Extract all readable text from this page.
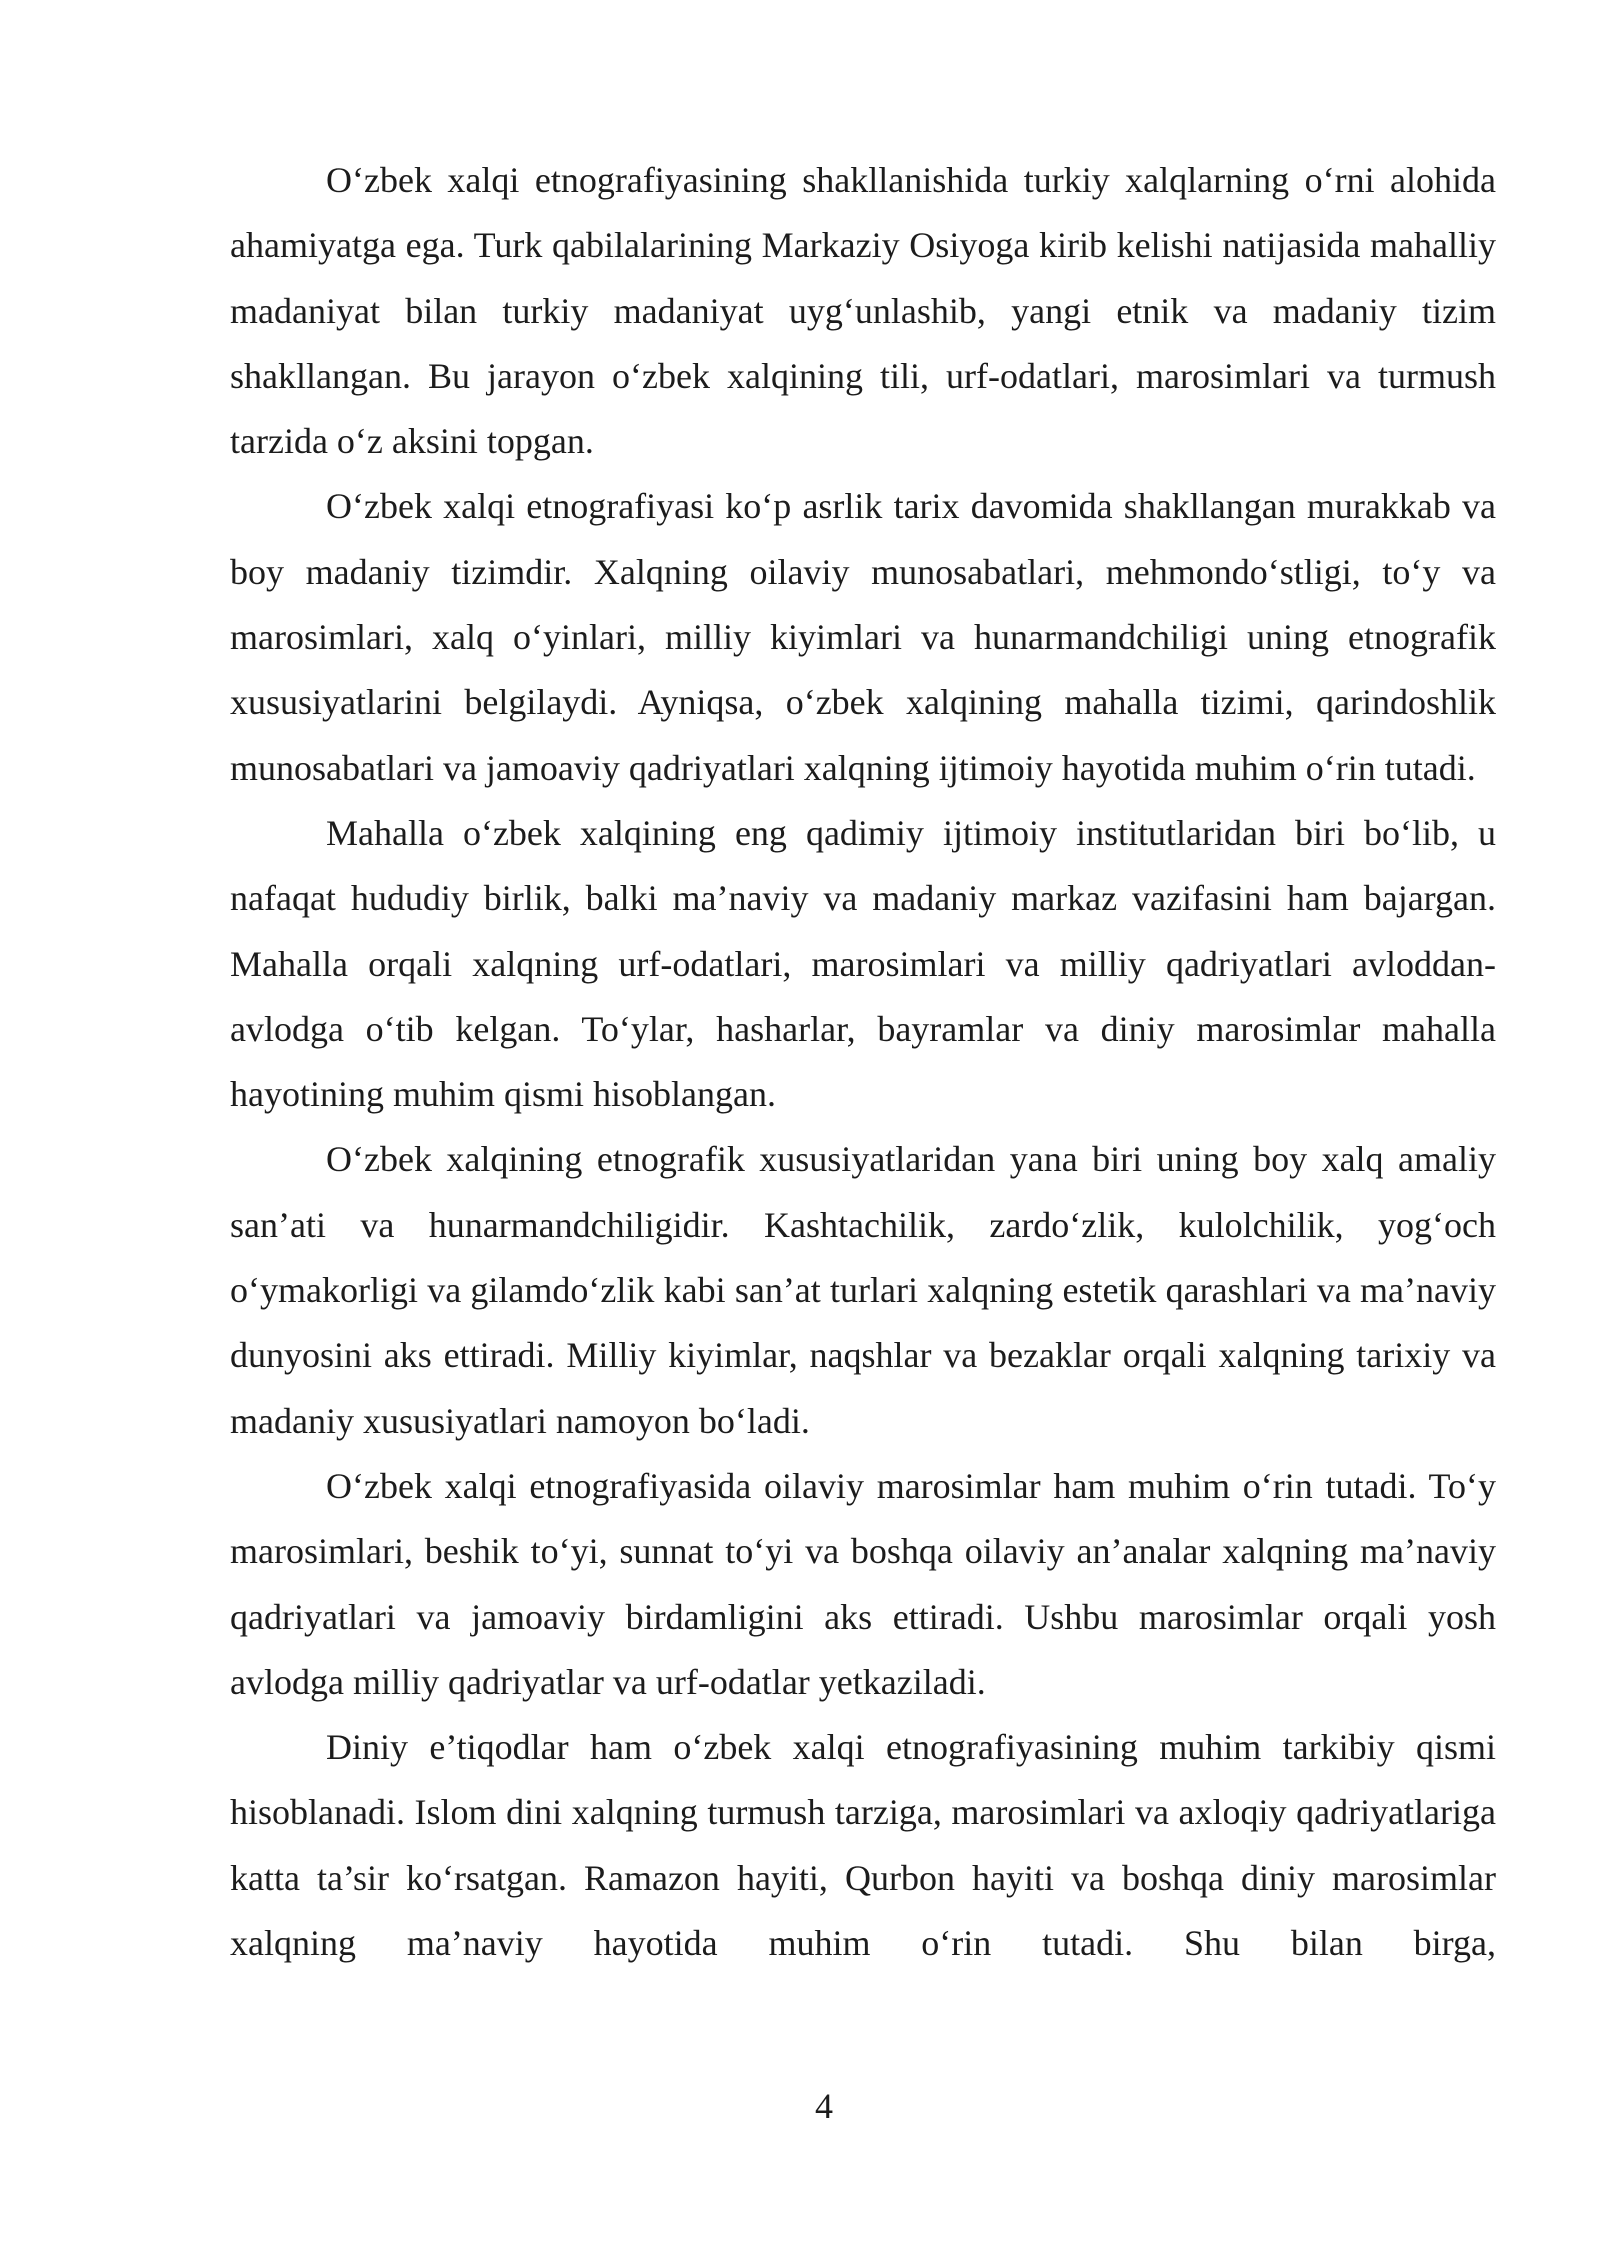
O‘zbek xalqi etnografiyasining shakllanishida turkiy xalqlarning o‘rni alohida ahamiyatga ega. Turk qabilalarining Markaziy Osiyoga kirib kelishi natijasida mahalliy madaniyat bilan turkiy madaniyat uyg‘unlashib, yangi etnik va madaniy tizim shakllangan. Bu jarayon o‘zbek xalqining tili, urf-odatlari, marosimlari va turmush tarzida o‘z aksini topgan.

O‘zbek xalqi etnografiyasi ko‘p asrlik tarix davomida shakllangan murakkab va boy madaniy tizimdir. Xalqning oilaviy munosabatlari, mehmondo‘stligi, to‘y va marosimlari, xalq o‘yinlari, milliy kiyimlari va hunarmandchiligi uning etnografik xususiyatlarini belgilaydi. Ayniqsa, o‘zbek xalqining mahalla tizimi, qarindoshlik munosabatlari va jamoaviy qadriyatlari xalqning ijtimoiy hayotida muhim o‘rin tutadi.

Mahalla o‘zbek xalqining eng qadimiy ijtimoiy institutlaridan biri bo‘lib, u nafaqat hududiy birlik, balki ma’naviy va madaniy markaz vazifasini ham bajargan. Mahalla orqali xalqning urf-odatlari, marosimlari va milliy qadriyatlari avloddan-avlodga o‘tib kelgan. To‘ylar, hasharlar, bayramlar va diniy marosimlar mahalla hayotining muhim qismi hisoblangan.

O‘zbek xalqining etnografik xususiyatlaridan yana biri uning boy xalq amaliy san’ati va hunarmandchiligidir. Kashtachilik, zardo‘zlik, kulolchilik, yog‘och o‘ymakorligi va gilamdo‘zlik kabi san’at turlari xalqning estetik qarashlari va ma’naviy dunyosini aks ettiradi. Milliy kiyimlar, naqshlar va bezaklar orqali xalqning tarixiy va madaniy xususiyatlari namoyon bo‘ladi.

O‘zbek xalqi etnografiyasida oilaviy marosimlar ham muhim o‘rin tutadi. To‘y marosimlari, beshik to‘yi, sunnat to‘yi va boshqa oilaviy an’analar xalqning ma’naviy qadriyatlari va jamoaviy birdamligini aks ettiradi. Ushbu marosimlar orqali yosh avlodga milliy qadriyatlar va urf-odatlar yetkaziladi.

Diniy e’tiqodlar ham o‘zbek xalqi etnografiyasining muhim tarkibiy qismi hisoblanadi. Islom dini xalqning turmush tarziga, marosimlari va axloqiy qadriyatlariga katta ta’sir ko‘rsatgan. Ramazon hayiti, Qurbon hayiti va boshqa diniy marosimlar xalqning ma’naviy hayotida muhim o‘rin tutadi. Shu bilan birga,

4
